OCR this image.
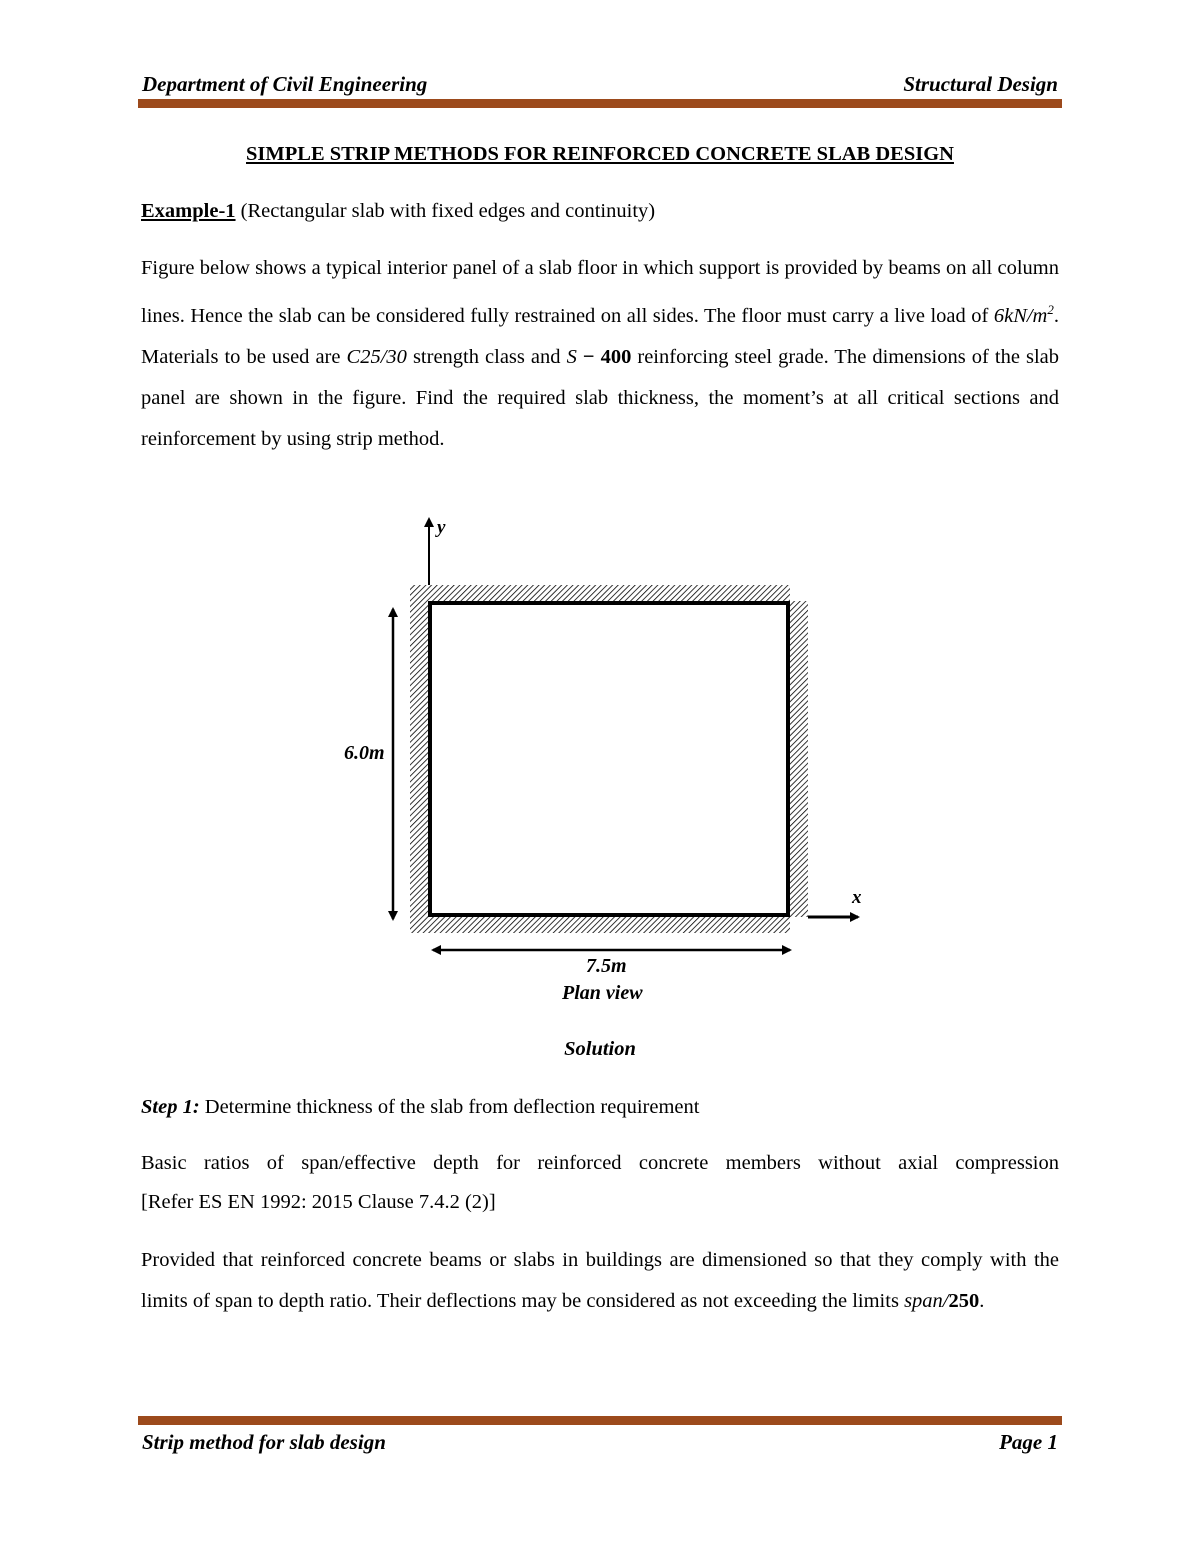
Department of Civil Engineering	Structural Design
SIMPLE STRIP METHODS FOR REINFORCED CONCRETE SLAB DESIGN
Example-1 (Rectangular slab with fixed edges and continuity)
Figure below shows a typical interior panel of a slab floor in which support is provided by beams on all column lines. Hence the slab can be considered fully restrained on all sides. The floor must carry a live load of $6kN/m^2$. Materials to be used are C25/30 strength class and S − 400 reinforcing steel grade. The dimensions of the slab panel are shown in the figure. Find the required slab thickness, the moment’s at all critical sections and reinforcement by using strip method.
y
x
6.0m
7.5m
Plan view
Solution
Step 1: Determine thickness of the slab from deflection requirement
Basic ratios of span/effective depth for reinforced concrete members without axial compression
[Refer ES EN 1992: 2015 Clause 7.4.2 (2)]
Provided that reinforced concrete beams or slabs in buildings are dimensioned so that they comply with the limits of span to depth ratio. Their deflections may be considered as not exceeding the limits span/250.
Strip method for slab design	Page 1
